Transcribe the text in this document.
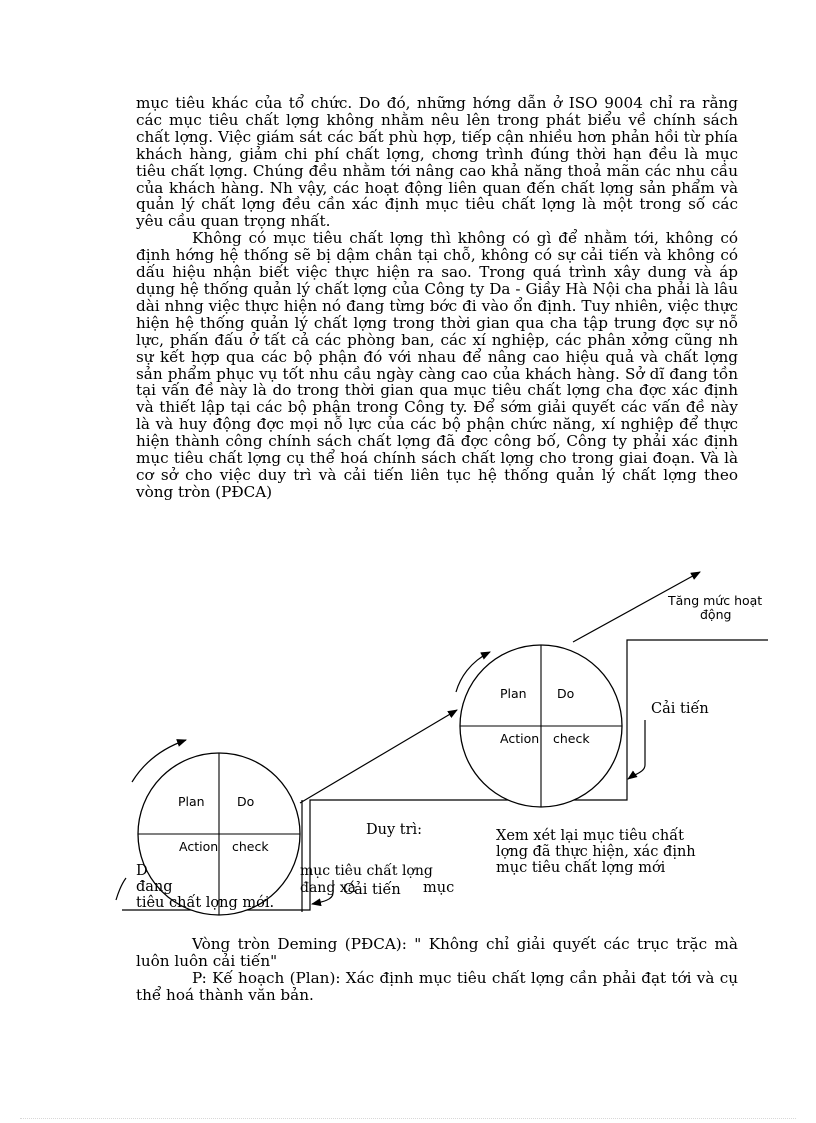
mục tiêu khác của tổ chức. Do đó, những hớng dẫn ở ISO 9004 chỉ ra rằng các mục tiêu chất lợng không nhằm nêu lên trong phát biểu về chính sách chất lợng. Việc giám sát các bất phù hợp, tiếp cận nhiều hơn phản hồi từ phía khách hàng, giảm chi phí chất lợng, chơng trình đúng thời hạn đều là mục tiêu chất lợng. Chúng đều nhằm tới nâng cao khả năng thoả mãn các nhu cầu của khách hàng. Nh vậy, các hoạt động liên quan đến chất lợng sản phẩm và quản lý chất lợng đều cần xác định mục tiêu chất lợng là một trong số các yêu cầu quan trọng nhất.

Không có mục tiêu chất lợng thì không có gì để nhằm tới, không có định hớng hệ thống sẽ bị dậm chân tại chỗ, không có sự cải tiến và không có dấu hiệu nhận biết việc thực hiện ra sao. Trong quá trình xây dung và áp dụng hệ thống quản lý chất lợng của Công ty Da - Giầy Hà Nội cha phải là lâu dài nhng việc thực hiện nó đang từng bớc đi vào ổn định. Tuy nhiên, việc thực hiện hệ thống quản lý chất lợng trong thời gian qua cha tập trung đợc sự nỗ lực, phấn đấu ở tất cả các phòng ban, các xí nghiệp, các phân xởng cũng nh sự kết hợp qua các bộ phận đó với nhau để nâng cao hiệu quả và chất lợng sản phẩm phục vụ tốt nhu cầu ngày càng cao của khách hàng. Sở dĩ đang tồn tại vấn đề này là do trong thời gian qua mục tiêu chất lợng cha đợc xác định và thiết lập tại các bộ phận trong Công ty. Để sớm giải quyết các vấn đề này là và huy động đợc mọi nỗ lực của các bộ phận chức năng, xí nghiệp để thực hiện thành công chính sách chất lợng đã đợc công bố, Công ty phải xác định mục tiêu chất lợng cụ thể hoá chính sách chất lợng cho trong giai đoạn. Và là cơ sở cho việc duy trì và cải tiến liên tục hệ thống quản lý chất lợng theo vòng tròn (PĐCA)

Plan	Do
Action check
Plan Do
Action check
Tăng mức hoạt
động
Cải tiến
Duy trì:	Xem xét lại mục tiêu chất
lợng đã thực hiện, xác định
mục tiêu chất lợng mới
D
đang
tiêu chất lợng mới.
mục tiêu chất lợng
đang xá
Cải tiến mục

Vòng tròn Deming (PĐCA): " Không chỉ giải quyết các trục trặc mà luôn luôn cải tiến"

P: Kế hoạch (Plan): Xác định mục tiêu chất lợng cần phải đạt tới và cụ thể hoá thành văn bản.
